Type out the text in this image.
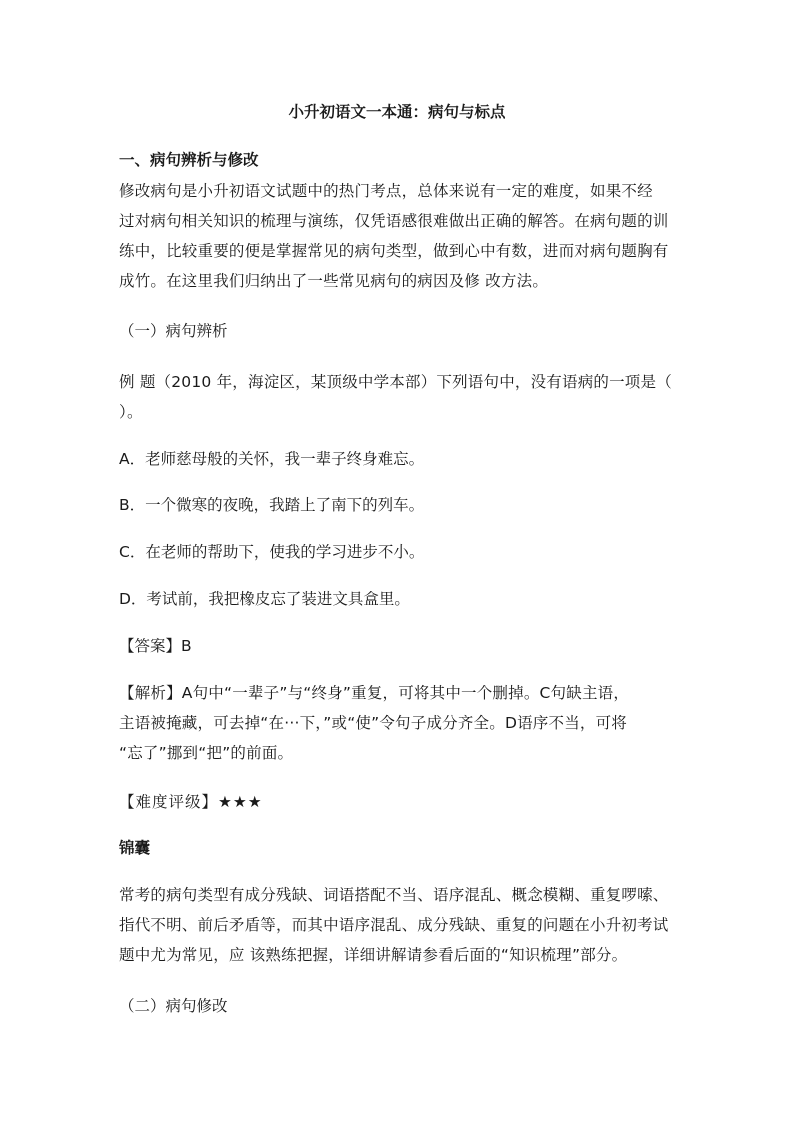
小升初语文一本通：病句与标点
一、病句辨析与修改
修改病句是小升初语文试题中的热门考点，总体来说有一定的难度，如果不经
过对病句相关知识的梳理与演练，仅凭语感很难做出正确的解答。在病句题的训
练中，比较重要的便是掌握常见的病句类型，做到心中有数，进而对病句题胸有
成竹。在这里我们归纳出了一些常见病句的病因及修 改方法。
（一）病句辨析
例 题（2010 年，海淀区，某顶级中学本部）下列语句中，没有语病的一项是（
）。
A．老师慈母般的关怀，我一辈子终身难忘。
B．一个微寒的夜晚，我踏上了南下的列车。
C．在老师的帮助下，使我的学习进步不小。
D．考试前，我把橡皮忘了装进文具盒里。
【答案】B
【解析】A句中“一辈子”与“终身”重复，可将其中一个删掉。C句缺主语，
主语被掩藏，可去掉“在···下，”或“使”令句子成分齐全。D语序不当，可将
“忘了”挪到“把”的前面。
【难度评级】★★★
锦囊
常考的病句类型有成分残缺、词语搭配不当、语序混乱、概念模糊、重复啰嗦、
指代不明、前后矛盾等，而其中语序混乱、成分残缺、重复的问题在小升初考试
题中尤为常见，应 该熟练把握，详细讲解请参看后面的“知识梳理”部分。
（二）病句修改
